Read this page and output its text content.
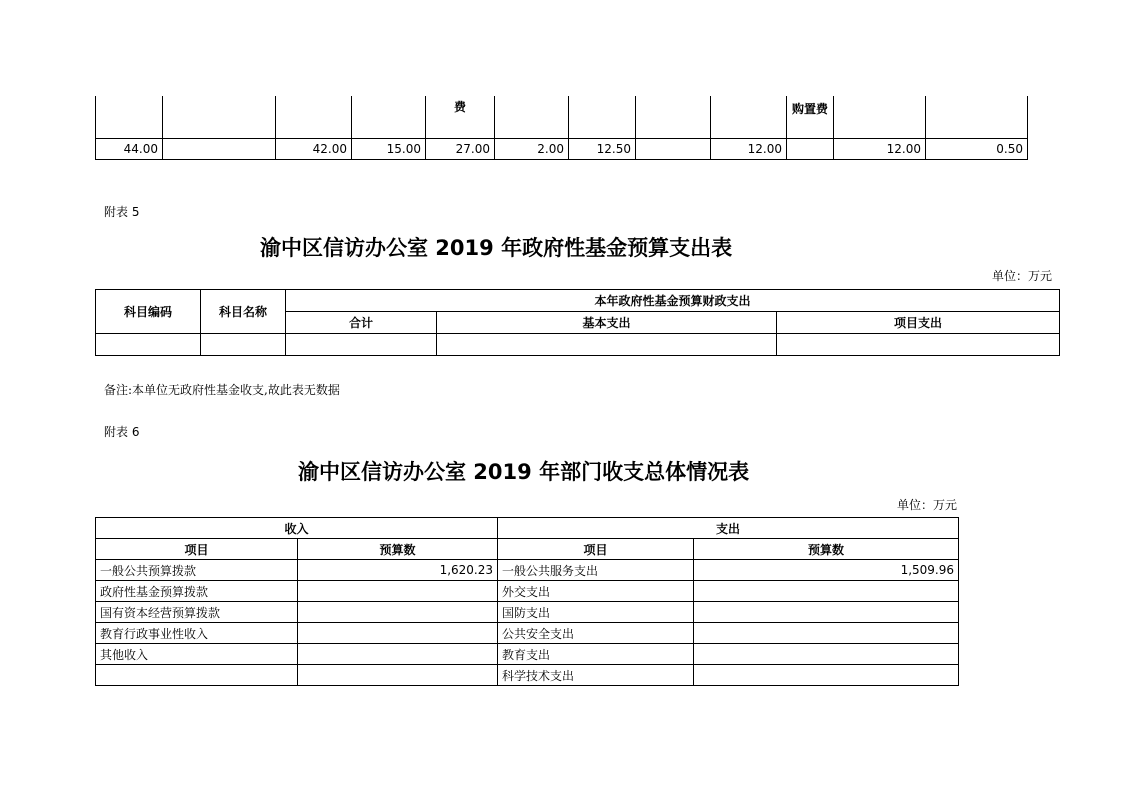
				费					购置费		
44.00		42.00	15.00	27.00	2.00	12.50		12.00		12.00	0.50
附表 5
渝中区信访办公室 2019 年政府性基金预算支出表
单位：万元
科目编码	科目名称	本年政府性基金预算财政支出		
		合计	基本支出	项目支出

备注:本单位无政府性基金收支,故此表无数据
附表 6
渝中区信访办公室 2019 年部门收支总体情况表
单位：万元
收入		支出	
项目	预算数	项目	预算数
一般公共预算拨款	1,620.23	一般公共服务支出	1,509.96
政府性基金预算拨款		外交支出	
国有资本经营预算拨款		国防支出	
教育行政事业性收入		公共安全支出	
其他收入		教育支出	
		科学技术支出	
